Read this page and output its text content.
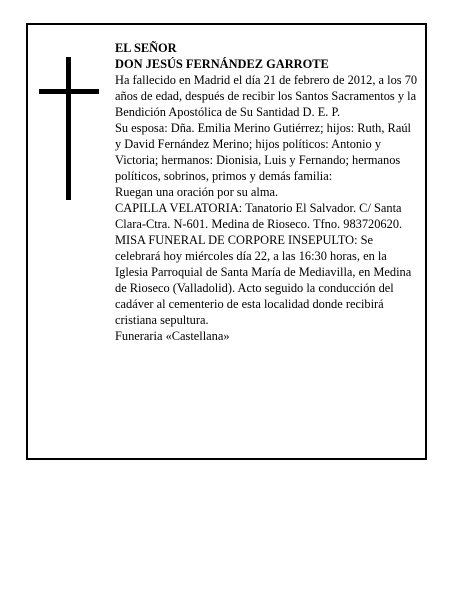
EL SEÑOR
DON JESÚS FERNÁNDEZ GARROTE

Ha fallecido en Madrid el día 21 de febrero de 2012, a los 70 años de edad, después de recibir los Santos Sacramentos y la Bendición Apostólica de Su Santidad D. E. P.

Su esposa: Dña. Emilia Merino Gutiérrez; hijos: Ruth, Raúl y David Fernández Merino; hijos políticos: Antonio y Victoria; hermanos: Dionisia, Luis y Fernando; hermanos políticos, sobrinos, primos y demás familia:

Ruegan una oración por su alma.

CAPILLA VELATORIA: Tanatorio El Salvador. C/ Santa Clara-Ctra. N-601. Medina de Rioseco. Tfno. 983720620.

MISA FUNERAL DE CORPORE INSEPULTO: Se celebrará hoy miércoles día 22, a las 16:30 horas, en la Iglesia Parroquial de Santa María de Mediavilla, en Medina de Rioseco (Valladolid). Acto seguido la conducción del cadáver al cementerio de esta localidad donde recibirá cristiana sepultura.

Funeraria «Castellana»
